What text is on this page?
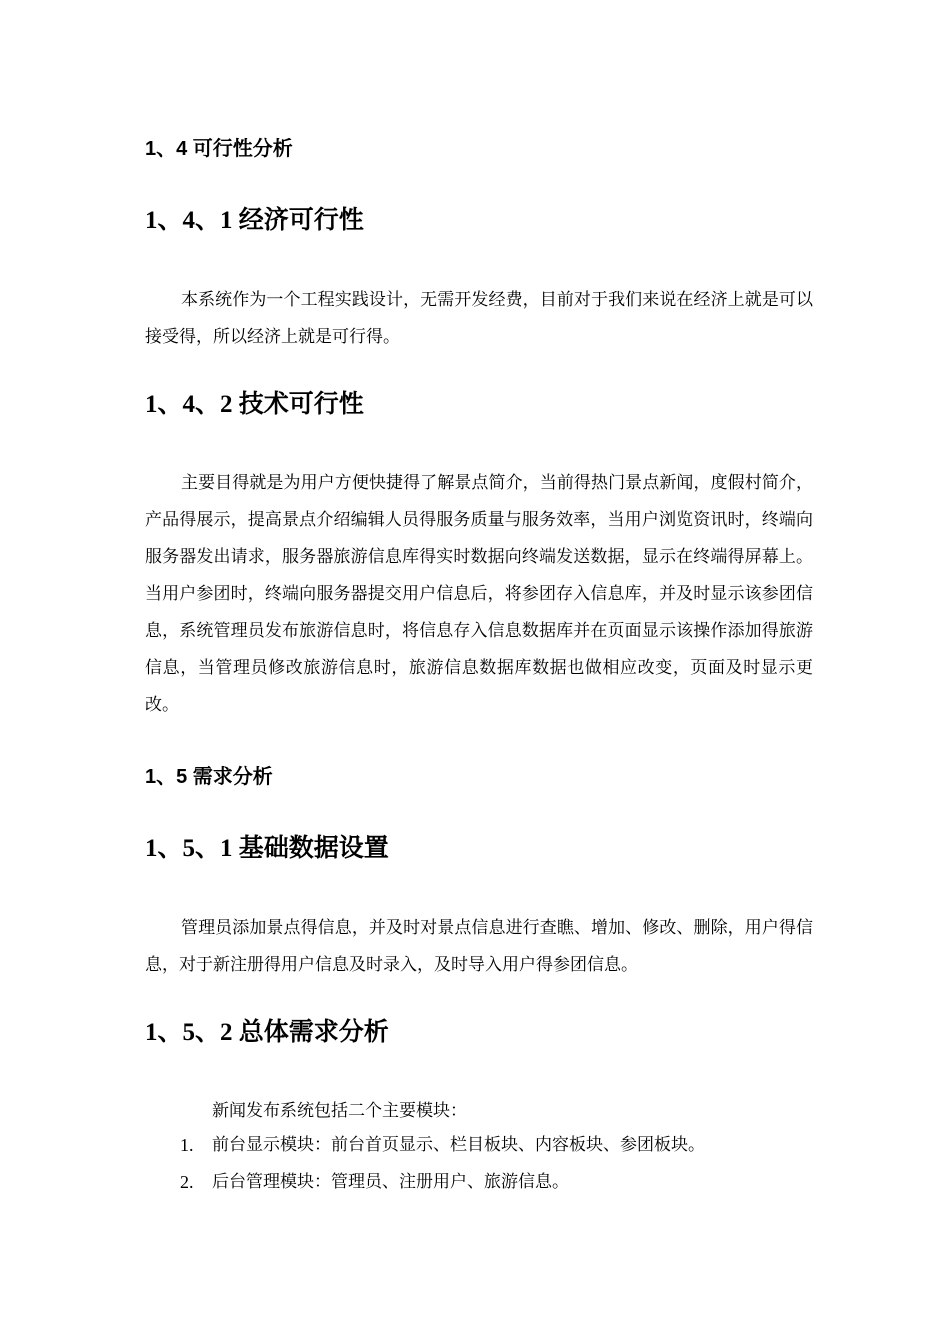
1、4 可行性分析
1、4、1 经济可行性

本系统作为一个工程实践设计，无需开发经费，目前对于我们来说在经济上就是可以接受得，所以经济上就是可行得。

1、4、2 技术可行性

主要目得就是为用户方便快捷得了解景点简介，当前得热门景点新闻，度假村简介，产品得展示，提高景点介绍编辑人员得服务质量与服务效率，当用户浏览资讯时，终端向服务器发出请求，服务器旅游信息库得实时数据向终端发送数据，显示在终端得屏幕上。当用户参团时，终端向服务器提交用户信息后，将参团存入信息库，并及时显示该参团信息，系统管理员发布旅游信息时，将信息存入信息数据库并在页面显示该操作添加得旅游信息，当管理员修改旅游信息时，旅游信息数据库数据也做相应改变，页面及时显示更改。

1、5 需求分析
1、5、1 基础数据设置

管理员添加景点得信息，并及时对景点信息进行查瞧、增加、修改、删除，用户得信息，对于新注册得用户信息及时录入，及时导入用户得参团信息。

1、5、2 总体需求分析

新闻发布系统包括二个主要模块：

1.	前台显示模块：前台首页显示、栏目板块、内容板块、参团板块。
2.	后台管理模块：管理员、注册用户、旅游信息。
